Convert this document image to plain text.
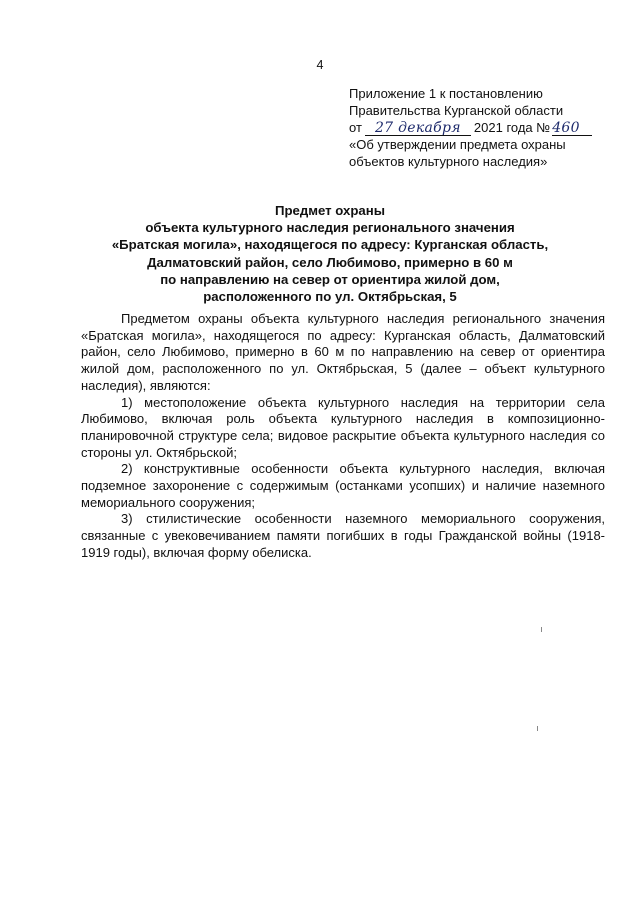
4
Приложение 1 к постановлению
Правительства Курганской области
от 27 декабря 2021 года № 460
«Об утверждении предмета охраны
объектов культурного наследия»
Предмет охраны
объекта культурного наследия регионального значения
«Братская могила», находящегося по адресу: Курганская область,
Далматовский район, село Любимово, примерно в 60 м
по направлению на север от ориентира жилой дом,
расположенного по ул. Октябрьская, 5

Предметом охраны объекта культурного наследия регионального значения «Братская могила», находящегося по адресу: Курганская область, Далматовский район, село Любимово, примерно в 60 м по направлению на север от ориентира жилой дом, расположенного по ул. Октябрьская, 5 (далее – объект культурного наследия), являются:

1) местоположение объекта культурного наследия на территории села Любимово, включая роль объекта культурного наследия в композиционно-планировочной структуре села; видовое раскрытие объекта культурного наследия со стороны ул. Октябрьской;

2) конструктивные особенности объекта культурного наследия, включая подземное захоронение с содержимым (останками усопших) и наличие наземного мемориального сооружения;

3) стилистические особенности наземного мемориального сооружения, связанные с увековечиванием памяти погибших в годы Гражданской войны (1918-1919 годы), включая форму обелиска.
